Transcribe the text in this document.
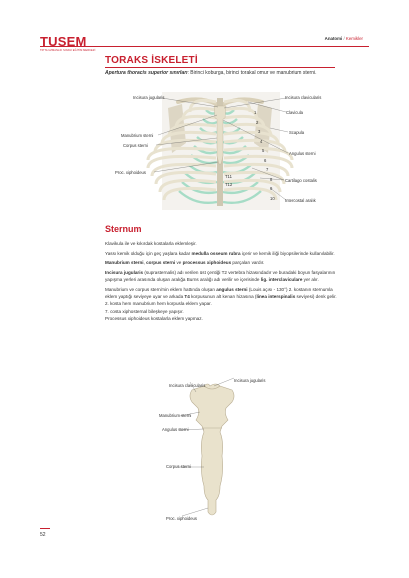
TUSEM
TIPTA UZMANLIK SINAVI EĞİTİM MERKEZİ
Anatomi / Kemikler
TORAKS İSKELETİ
Apertura thoracis superior sınırları: Birinci koburga, birinci torakal omur ve manubrium sterni.
Incisura jugularis	Incisura clavicularis
Clavicula
Scapula
Manubrium sterni
Corpus sterni
Angulus sterni
Proc. xiphoideus
Cartilago costalis
Intercostal aralık
T11
T12
1
2
3
4
5
6
7
8
9
10
Sternum

Klavikula ile ve kıkırdak kostalarla eklemleşir.

Yassı kemik olduğu için geç yaşlara kadar medulla osseum rubra içerir ve kemik iliği biyopsilerinde kullanılabilir.

Manubrium sterni, corpus sterni ve processus xiphoideus parçaları vardır.

Incisura jugularis (suprasternalis) adı verilen üst çentiği T2 vertebra hizasındadır ve buradaki boyun fasyalarının yapışma yerleri arasında oluşan aralığa Burns aralığı adı verilir ve içerisinde lig. interclaviculare yer alır.

Manubrium ve corpus sterni'nin eklem hattında oluşan angulus sterni (Louis açısı - 130°) 2. kostanın sternumla eklem yaptığı seviyeye uyar ve arkada T4 korpusunun alt kenarı hizasına (linea interspinalis seviyesi) denk gelir.
2. kosta hem manubrium hem korpusla eklem yapar.
7. costa xiphosternal bileşkeye yapışır.
Processus xiphoideus kostalarla eklem yapmaz.

Incisura clavicularis
Incisura jugularis
Manubrium sterni
Angulus sterni
Corpus sterni
Proc. xiphoideus
52
